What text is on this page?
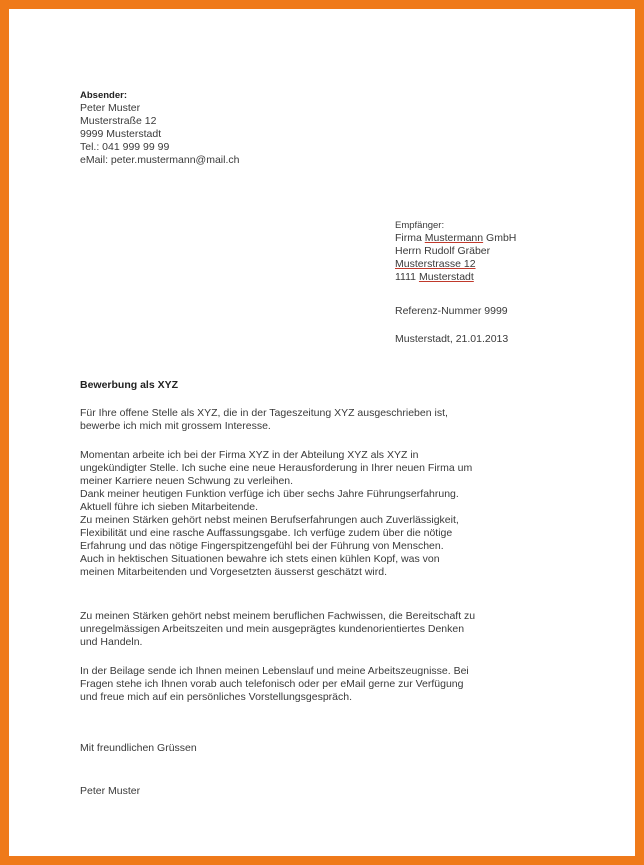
Absender:
Peter Muster
Musterstraße 12
9999 Musterstadt
Tel.: 041 999 99 99
eMail: peter.mustermann@mail.ch
Empfänger:
Firma Mustermann GmbH
Herrn Rudolf Gräber
Musterstrasse 12
1111 Musterstadt
Referenz-Nummer 9999
Musterstadt, 21.01.2013
Bewerbung als XYZ
Für Ihre offene Stelle als XYZ, die in der Tageszeitung XYZ ausgeschrieben ist,
bewerbe ich mich mit grossem Interesse.
Momentan arbeite ich bei der Firma XYZ in der Abteilung XYZ als XYZ in
ungekündigter Stelle. Ich suche eine neue Herausforderung in Ihrer neuen Firma um
meiner Karriere neuen Schwung zu verleihen.
Dank meiner heutigen Funktion verfüge ich über sechs Jahre Führungserfahrung.
Aktuell führe ich sieben Mitarbeitende.
Zu meinen Stärken gehört nebst meinen Berufserfahrungen auch Zuverlässigkeit,
Flexibilität und eine rasche Auffassungsgabe. Ich verfüge zudem über die nötige
Erfahrung und das nötige Fingerspitzengefühl bei der Führung von Menschen.
Auch in hektischen Situationen bewahre ich stets einen kühlen Kopf, was von
meinen Mitarbeitenden und Vorgesetzten äusserst geschätzt wird.
Zu meinen Stärken gehört nebst meinem beruflichen Fachwissen, die Bereitschaft zu
unregelmässigen Arbeitszeiten und mein ausgeprägtes kundenorientiertes Denken
und Handeln.
In der Beilage sende ich Ihnen meinen Lebenslauf und meine Arbeitszeugnisse. Bei
Fragen stehe ich Ihnen vorab auch telefonisch oder per eMail gerne zur Verfügung
und freue mich auf ein persönliches Vorstellungsgespräch.
Mit freundlichen Grüssen
Peter Muster
